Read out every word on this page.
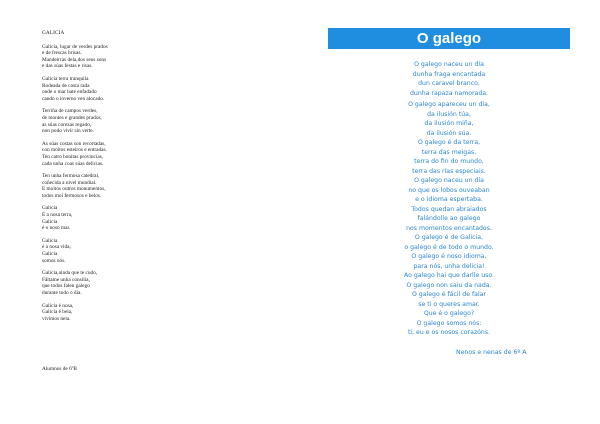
GALICIA
Galicia, lugar de verdes prados
e de frescas brisas.
Mandeirras dela,dos seus sons
e das súas festas e risas.
Galicia terra tranquila
Rodeada de costa rada
onde o mar bate enfadado
cando o inverno ven alocado.
Terriña de campos verdes,
de montes e grandes prados,
as súas corezas regado,
non podo vivir sin verte.
As súas costas son recortadas,
con moitos esteiros e entradas.
Ten catro bonitas provincias,
cada unha coas súas delicias.
Ten unha fermosa catedral,
coñecida a nivel mundial.
E moitos outros monumentos,
todos moi fermosos e belos.
Galicia
É a nosa terra,
Galicia
é o noso mar.
Galicia
é a nosa vida,
Galicia
somos nós.
Galicia,ainda que te cudo,
Fáltame unha consilia,
que todos falen galego
durante todo o día.
Galicia é nosa,
Galicia é bela,
vivímos nela.
Alumnos de 6ºB
O galego
O galego naceu un día
dunha fraga encantada
dun caravel branco,
dunha rapaza namorada.
O galego apareceu un día,
da ilusión túa,
da ilusión miña,
da ilusión súa.
O galego é da terra,
terra das meigas,
terra do fin do mundo,
terra das rías especiais.
O galego naceu un día
no que os lobos ouveaban
e o idioma espertaba.
Todos quedan abraiados
falándolle ao galego
nos momentos encantados.
O galego é de Galicia,
o galego é de todo o mundo.
O galego é noso idioma,
para nós, unha delicia!
Ao galego hai que darlle uso.
O galego non saiu da nada.
O galego é fácil de falar
se ti o queres amar.
Que é o galego?
O galego somos nós:
ti, eu e os nosos corazóns.
Nenos e nenas de 6º A
